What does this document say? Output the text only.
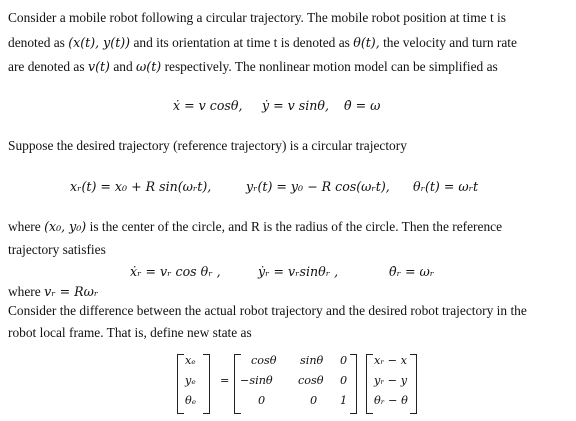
Consider a mobile robot following a circular trajectory. The mobile robot position at time t is
denoted as (x(t), y(t)) and its orientation at time t is denoted as θ(t), the velocity and turn rate
are denoted as v(t) and ω(t) respectively. The nonlinear motion model can be simplified as
ẋ = v cosθ, ẏ = v sinθ, θ̇ = ω
Suppose the desired trajectory (reference trajectory) is a circular trajectory
xᵣ(t) = x₀ + R sin(ωᵣt),	yᵣ(t) = y₀ − R cos(ωᵣt), θᵣ(t) = ωᵣt
where (x₀, y₀) is the center of the circle, and R is the radius of the circle. Then the reference
trajectory satisfies
ẋᵣ = vᵣ cos θᵣ ,	ẏᵣ = vᵣsinθᵣ ,	θ̇ᵣ = ωᵣ
where vᵣ = Rωᵣ
Consider the difference between the actual robot trajectory and the desired robot trajectory in the
robot local frame. That is, define new state as
xₑ
yₑ
θₑ
=
cosθ sinθ 0
−sinθ cosθ 0
0	0 1
xᵣ − x
yᵣ − y
θᵣ − θ
